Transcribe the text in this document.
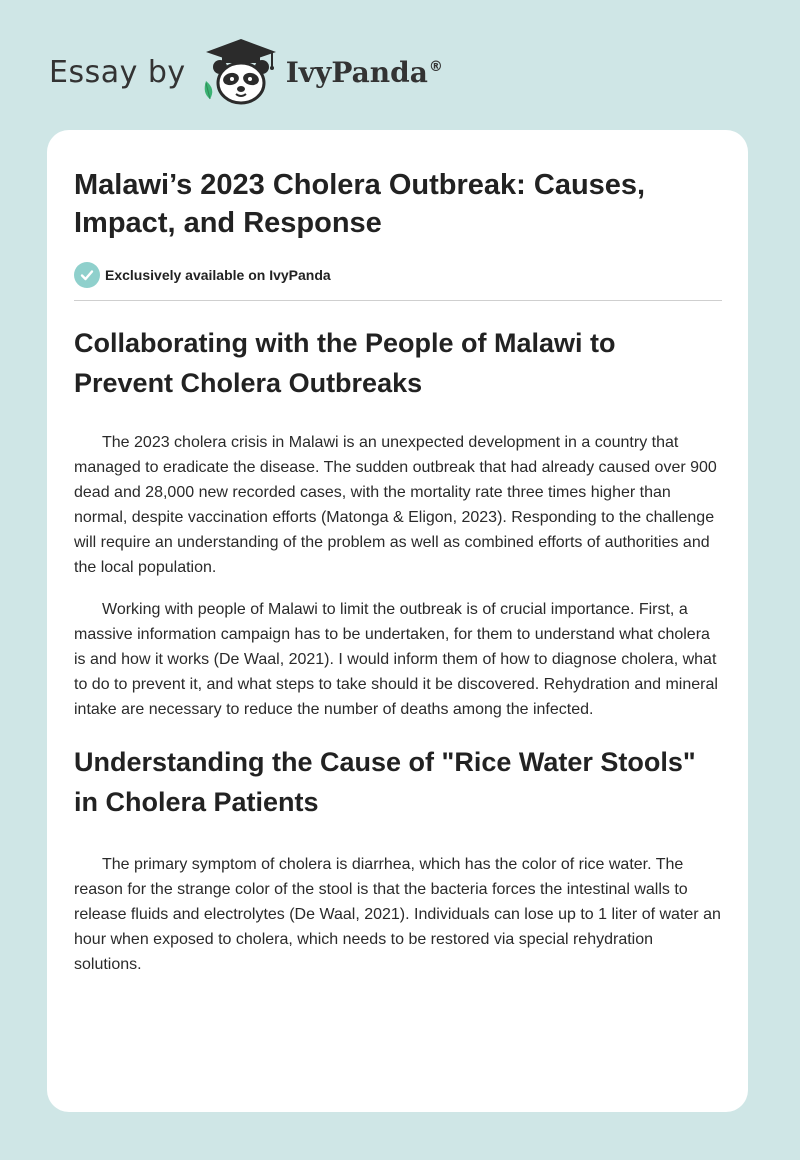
Essay by	IvyPanda®
Malawi’s 2023 Cholera Outbreak: Causes, Impact, and Response
Exclusively available on IvyPanda
Collaborating with the People of Malawi to Prevent Cholera Outbreaks

The 2023 cholera crisis in Malawi is an unexpected development in a country that managed to eradicate the disease. The sudden outbreak that had already caused over 900 dead and 28,000 new recorded cases, with the mortality rate three times higher than normal, despite vaccination efforts (Matonga & Eligon, 2023). Responding to the challenge will require an understanding of the problem as well as combined efforts of authorities and the local population.

Working with people of Malawi to limit the outbreak is of crucial importance. First, a massive information campaign has to be undertaken, for them to understand what cholera is and how it works (De Waal, 2021). I would inform them of how to diagnose cholera, what to do to prevent it, and what steps to take should it be discovered. Rehydration and mineral intake are necessary to reduce the number of deaths among the infected.

Understanding the Cause of "Rice Water Stools" in Cholera Patients

The primary symptom of cholera is diarrhea, which has the color of rice water. The reason for the strange color of the stool is that the bacteria forces the intestinal walls to release fluids and electrolytes (De Waal, 2021). Individuals can lose up to 1 liter of water an hour when exposed to cholera, which needs to be restored via special rehydration solutions.
